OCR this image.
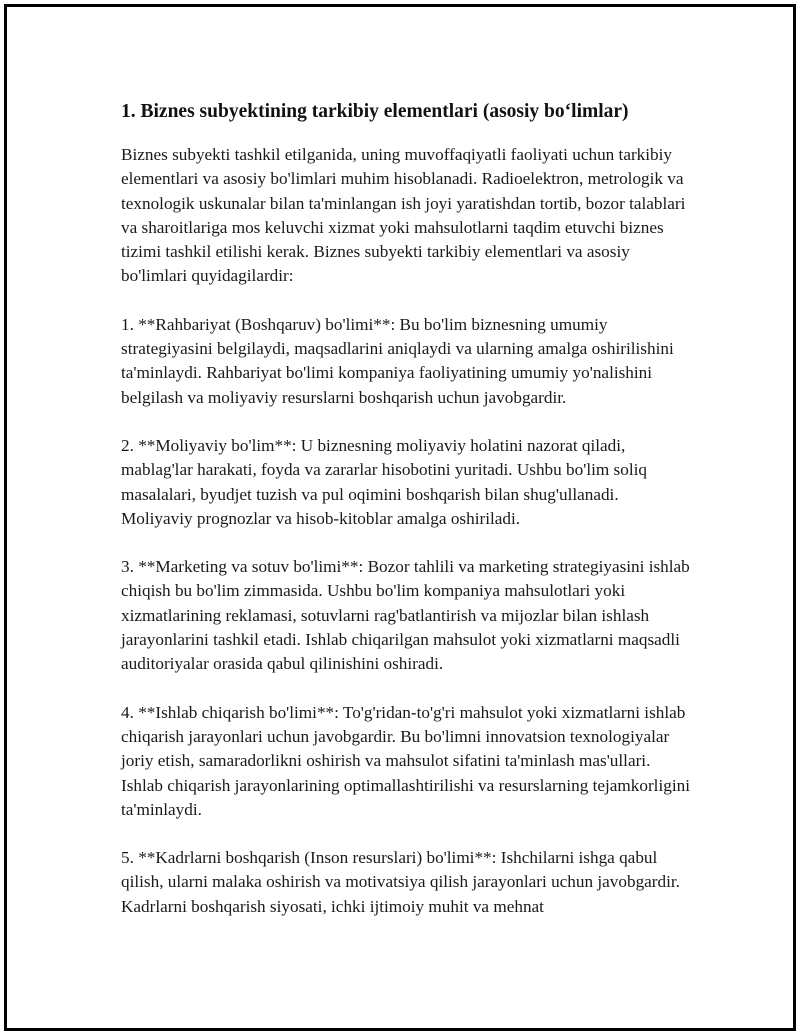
1. Biznes subyektining tarkibiy elementlari (asosiy boʻlimlar)

Biznes subyekti tashkil etilganida, uning muvoffaqiyatli faoliyati uchun tarkibiy elementlari va asosiy bo'limlari muhim hisoblanadi. Radioelektron, metrologik va texnologik uskunalar bilan ta'minlangan ish joyi yaratishdan tortib, bozor talablari va sharoitlariga mos keluvchi xizmat yoki mahsulotlarni taqdim etuvchi biznes tizimi tashkil etilishi kerak. Biznes subyekti tarkibiy elementlari va asosiy bo'limlari quyidagilardir:

1. **Rahbariyat (Boshqaruv) bo'limi**: Bu bo'lim biznesning umumiy strategiyasini belgilaydi, maqsadlarini aniqlaydi va ularning amalga oshirilishini ta'minlaydi. Rahbariyat bo'limi kompaniya faoliyatining umumiy yo'nalishini belgilash va moliyaviy resurslarni boshqarish uchun javobgardir.

2. **Moliyaviy bo'lim**: U biznesning moliyaviy holatini nazorat qiladi, mablag'lar harakati, foyda va zararlar hisobotini yuritadi. Ushbu bo'lim soliq masalalari, byudjet tuzish va pul oqimini boshqarish bilan shug'ullanadi. Moliyaviy prognozlar va hisob-kitoblar amalga oshiriladi.

3. **Marketing va sotuv bo'limi**: Bozor tahlili va marketing strategiyasini ishlab chiqish bu bo'lim zimmasida. Ushbu bo'lim kompaniya mahsulotlari yoki xizmatlarining reklamasi, sotuvlarni rag'batlantirish va mijozlar bilan ishlash jarayonlarini tashkil etadi. Ishlab chiqarilgan mahsulot yoki xizmatlarni maqsadli auditoriyalar orasida qabul qilinishini oshiradi.

4. **Ishlab chiqarish bo'limi**: To'g'ridan-to'g'ri mahsulot yoki xizmatlarni ishlab chiqarish jarayonlari uchun javobgardir. Bu bo'limni innovatsion texnologiyalar joriy etish, samaradorlikni oshirish va mahsulot sifatini ta'minlash mas'ullari. Ishlab chiqarish jarayonlarining optimallashtirilishi va resurslarning tejamkorligini ta'minlaydi.

5. **Kadrlarni boshqarish (Inson resurslari) bo'limi**: Ishchilarni ishga qabul qilish, ularni malaka oshirish va motivatsiya qilish jarayonlari uchun javobgardir. Kadrlarni boshqarish siyosati, ichki ijtimoiy muhit va mehnat
